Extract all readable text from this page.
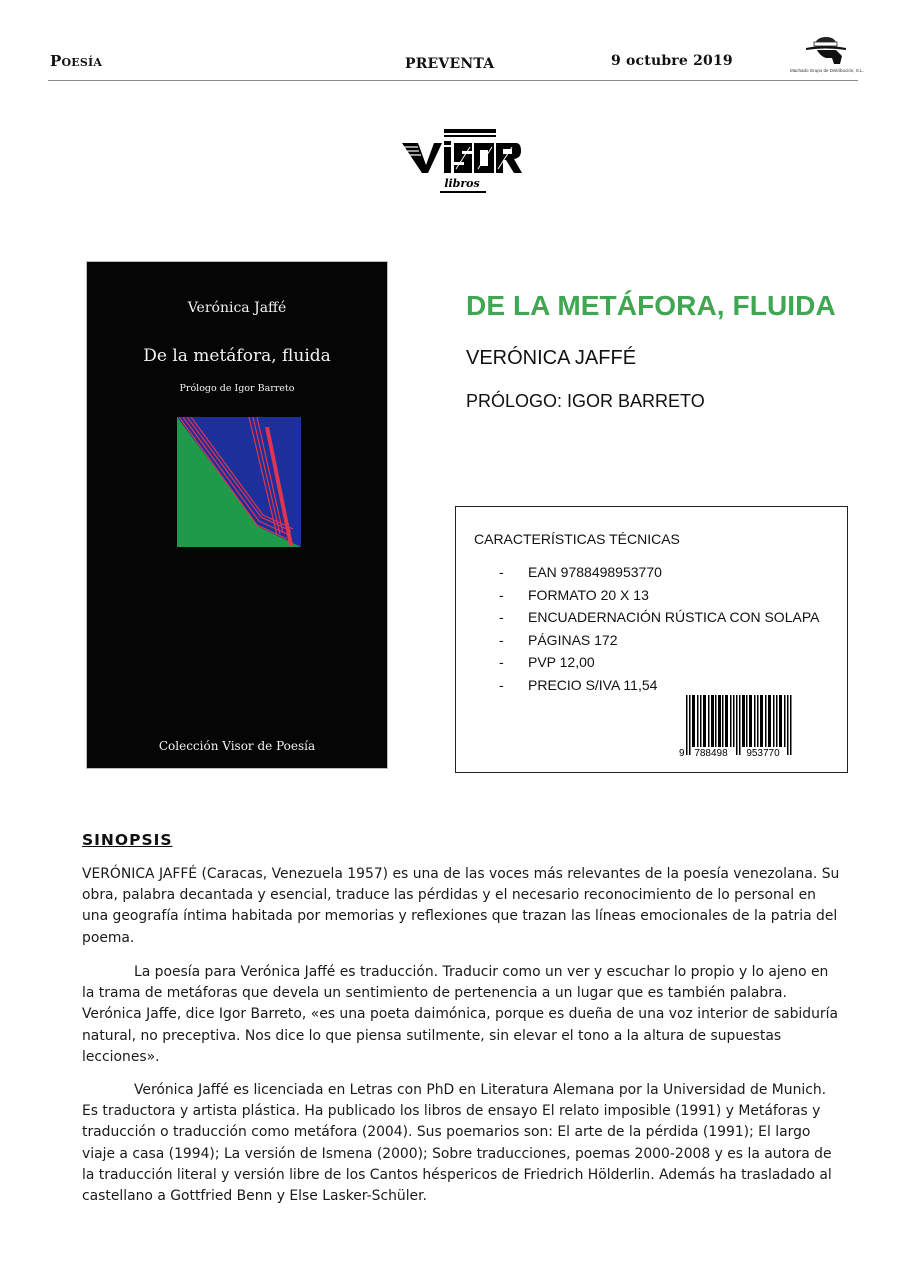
Poesía	PREVENTA	9 octubre 2019
Machado Grupo de Distribución, S.L.
libros
Verónica Jaffé
De la metáfora, fluida
Prólogo de Igor Barreto
Colección Visor de Poesía
DE LA METÁFORA, FLUIDA
VERÓNICA JAFFÉ
PRÓLOGO: IGOR BARRETO
CARACTERÍSTICAS TÉCNICAS
- EAN 9788498953770
- FORMATO 20 X 13
- ENCUADERNACIÓN RÚSTICA CON SOLAPA
- PÁGINAS 172
- PVP 12,00
- PRECIO S/IVA 11,54
9 788498 953770
SINOPSIS

VERÓNICA JAFFÉ (Caracas, Venezuela 1957) es una de las voces más relevantes de la poesía venezolana. Su obra, palabra decantada y esencial, traduce las pérdidas y el necesario reconocimiento de lo personal en una geografía íntima habitada por memorias y reflexiones que trazan las líneas emocionales de la patria del poema.

La poesía para Verónica Jaffé es traducción. Traducir como un ver y escuchar lo propio y lo ajeno en la trama de metáforas que devela un sentimiento de pertenencia a un lugar que es también palabra. Verónica Jaffe, dice Igor Barreto, «es una poeta daimónica, porque es dueña de una voz interior de sabiduría natural, no preceptiva. Nos dice lo que piensa sutilmente, sin elevar el tono a la altura de supuestas lecciones».

Verónica Jaffé es licenciada en Letras con PhD en Literatura Alemana por la Universidad de Munich. Es traductora y artista plástica. Ha publicado los libros de ensayo El relato imposible (1991) y Metáforas y traducción o traducción como metáfora (2004). Sus poemarios son: El arte de la pérdida (1991); El largo viaje a casa (1994); La versión de Ismena (2000); Sobre traducciones, poemas 2000-2008 y es la autora de la traducción literal y versión libre de los Cantos héspericos de Friedrich Hölderlin. Además ha trasladado al castellano a Gottfried Benn y Else Lasker-Schüler.
